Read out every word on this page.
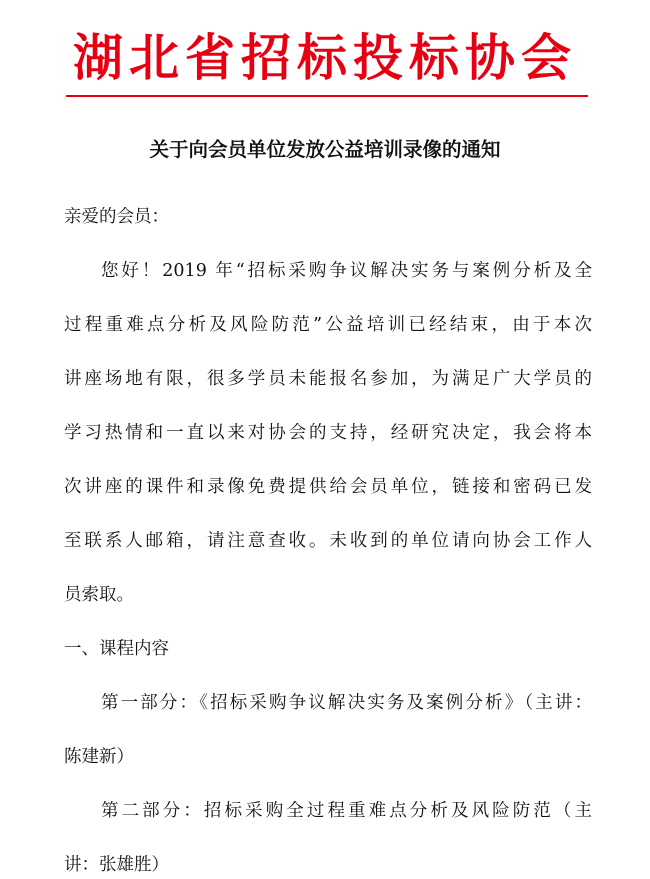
湖北省招标投标协会
关于向会员单位发放公益培训录像的通知
亲爱的会员：
您好！2019 年“招标采购争议解决实务与案例分析及全
过程重难点分析及风险防范”公益培训已经结束，由于本次
讲座场地有限，很多学员未能报名参加，为满足广大学员的
学习热情和一直以来对协会的支持，经研究决定，我会将本
次讲座的课件和录像免费提供给会员单位，链接和密码已发
至联系人邮箱，请注意查收。未收到的单位请向协会工作人
员索取。
一、课程内容
第一部分：《招标采购争议解决实务及案例分析》（主讲：
陈建新）
第二部分：招标采购全过程重难点分析及风险防范（主
讲：张雄胜）
